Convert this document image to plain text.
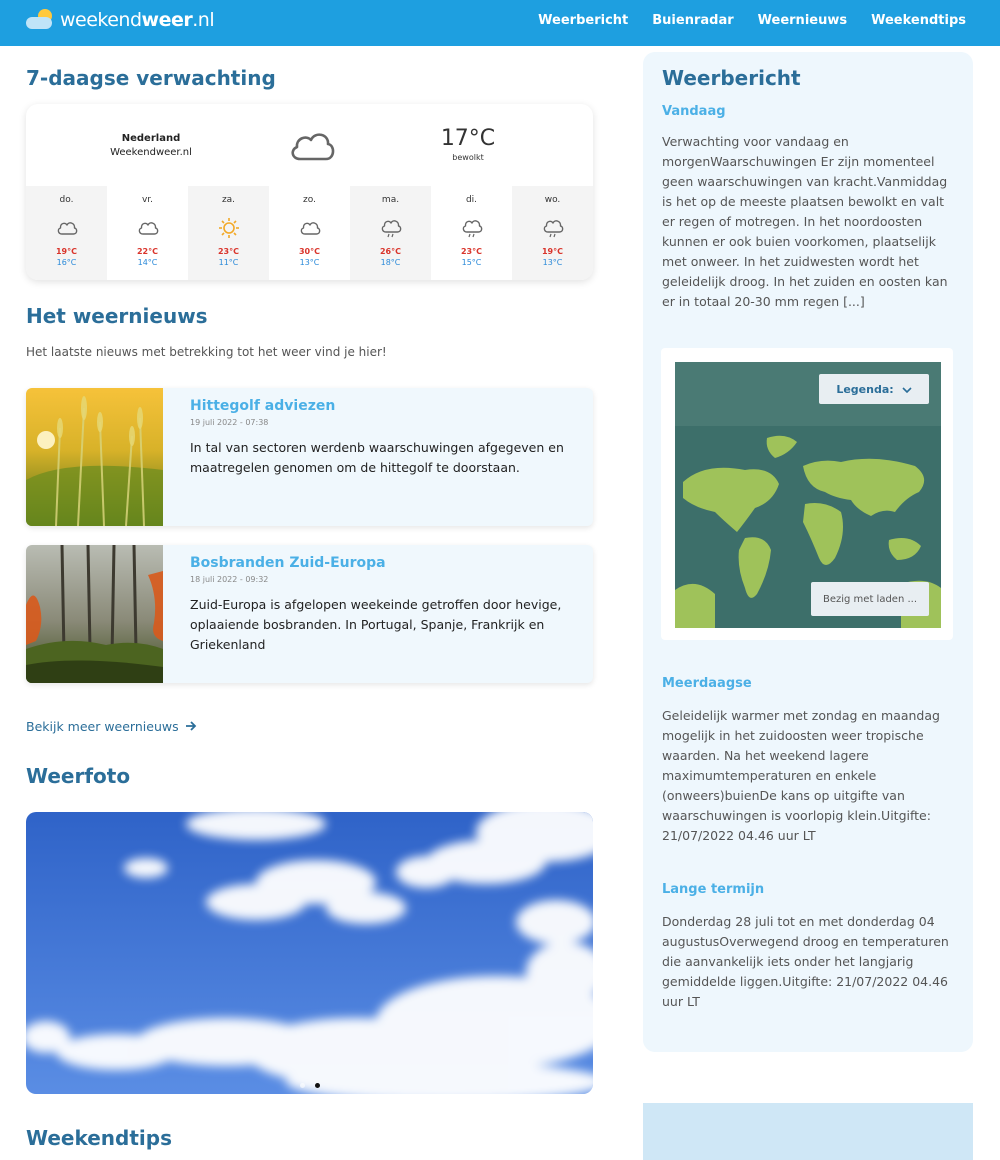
weekendweer.nl	Weerbericht Buienradar Weernieuws Weekendtips
7-daagse verwachting
Nederland
Weekendweer.nl
17°C
bewolkt
do.
19°C
16°C
vr.
22°C
14°C
za.
23°C
11°C
zo.
30°C
13°C
ma.
26°C
18°C
di.
23°C
15°C
wo.
19°C
13°C
Het weernieuws
Het laatste nieuws met betrekking tot het weer vind je hier!
Hittegolf adviezen
19 juli 2022 - 07:38
In tal van sectoren werdenb waarschuwingen afgegeven en maatregelen genomen om de hittegolf te doorstaan.
Bosbranden Zuid-Europa
18 juli 2022 - 09:32
Zuid-Europa is afgelopen weekeinde getroffen door hevige, oplaaiende bosbranden. In Portugal, Spanje, Frankrijk en Griekenland
Bekijk meer weernieuws
Weerfoto
Weekendtips
Weerbericht
Vandaag
Verwachting voor vandaag en morgenWaarschuwingen Er zijn momenteel geen waarschuwingen van kracht.Vanmiddag is het op de meeste plaatsen bewolkt en valt er regen of motregen. In het noordoosten kunnen er ook buien voorkomen, plaatselijk met onweer. In het zuidwesten wordt het geleidelijk droog. In het zuiden en oosten kan er in totaal 20-30 mm regen [...]
Legenda:
Bezig met laden ...
Meerdaagse
Geleidelijk warmer met zondag en maandag mogelijk in het zuidoosten weer tropische waarden. Na het weekend lagere maximumtemperaturen en enkele (onweers)buienDe kans op uitgifte van waarschuwingen is voorlopig klein.Uitgifte: 21/07/2022 04.46 uur LT
Lange termijn
Donderdag 28 juli tot en met donderdag 04 augustusOverwegend droog en temperaturen die aanvankelijk iets onder het langjarig gemiddelde liggen.Uitgifte: 21/07/2022 04.46 uur LT
